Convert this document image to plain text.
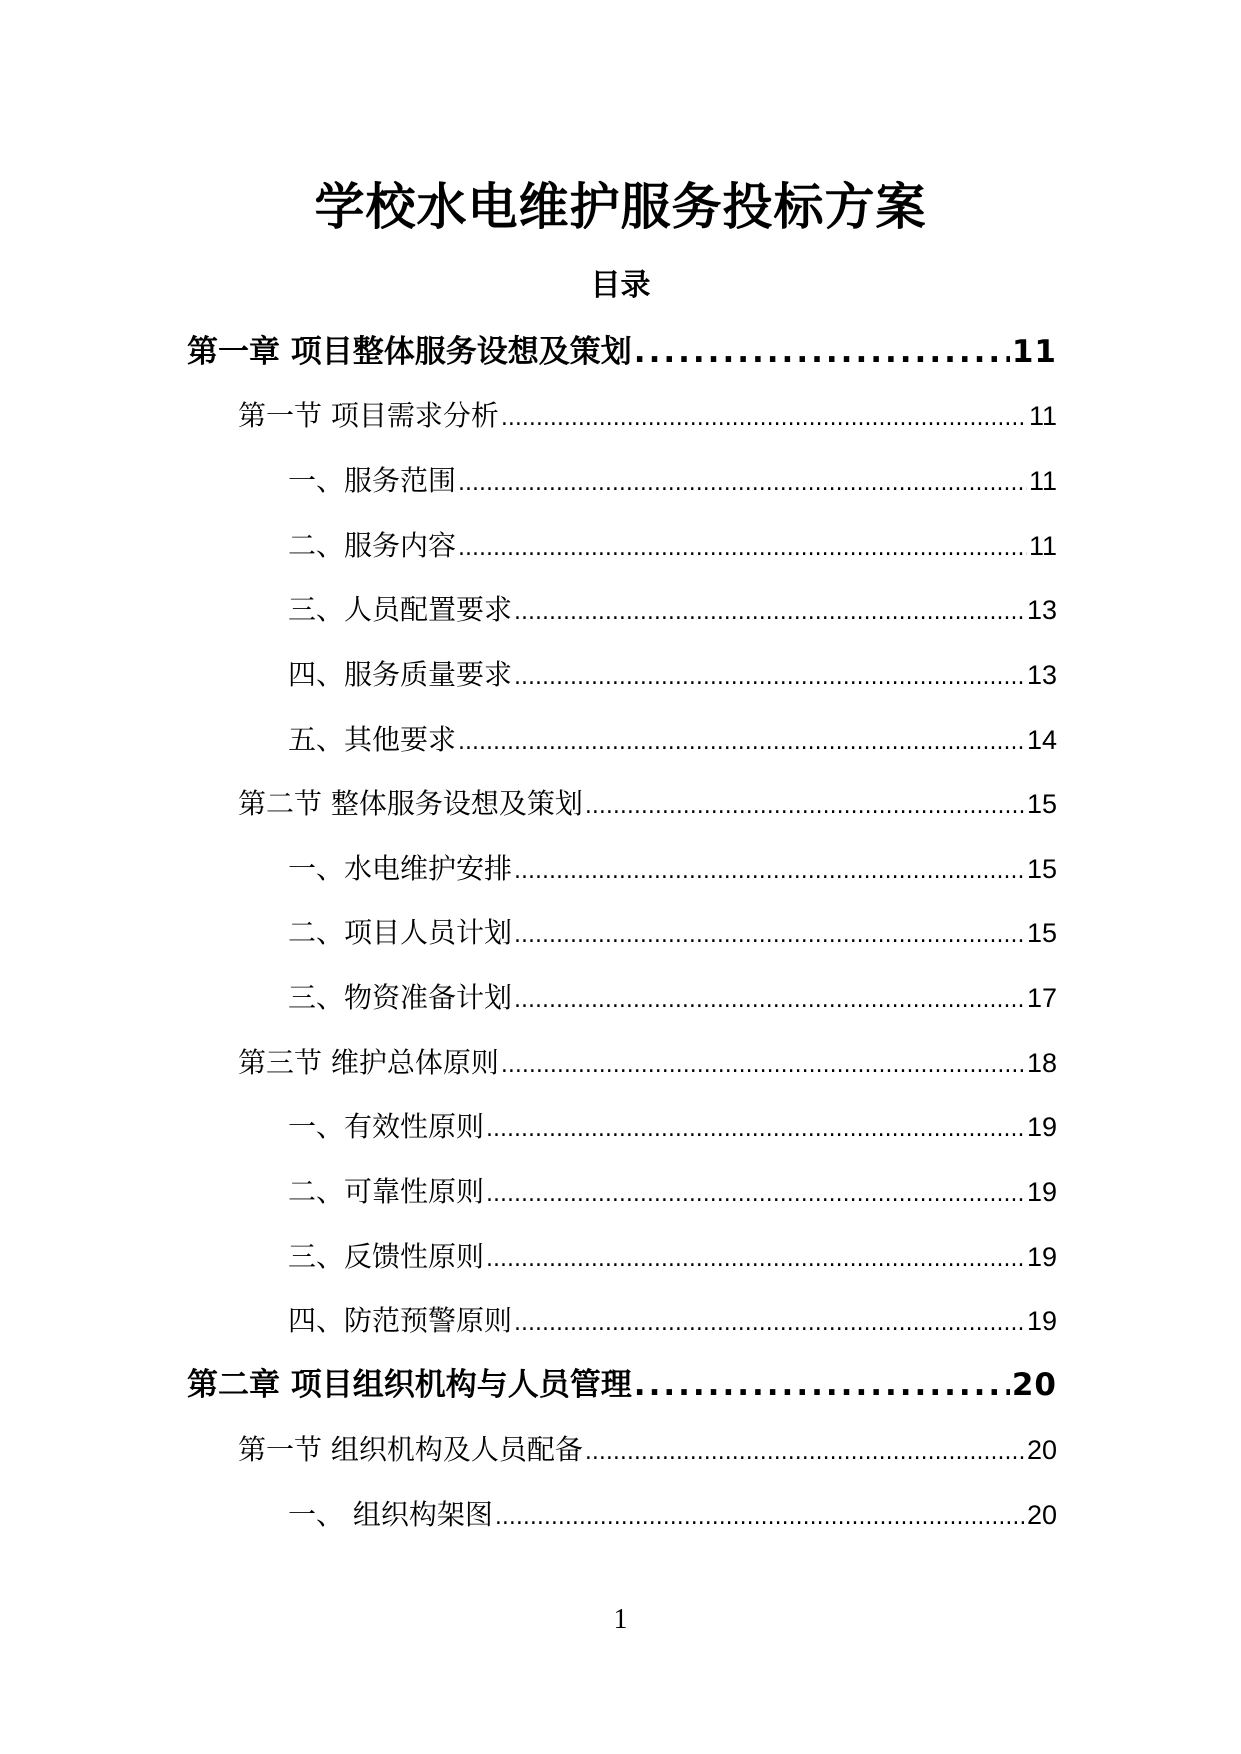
学校水电维护服务投标方案
目录
第一章 项目整体服务设想及策划 .....	11
第一节 项目需求分析 .....	11
一、服务范围 .....	11
二、服务内容 .....	11
三、人员配置要求 .....	13
四、服务质量要求 .....	13
五、其他要求 .....	14
第二节 整体服务设想及策划 .....	15
一、水电维护安排 .....	15
二、项目人员计划 .....	15
三、物资准备计划 .....	17
第三节 维护总体原则 .....	18
一、有效性原则 .....	19
二、可靠性原则 .....	19
三、反馈性原则 .....	19
四、防范预警原则 .....	19
第二章 项目组织机构与人员管理 .....	20
第一节 组织机构及人员配备 .....	20
一、 组织构架图 .....	20
1
